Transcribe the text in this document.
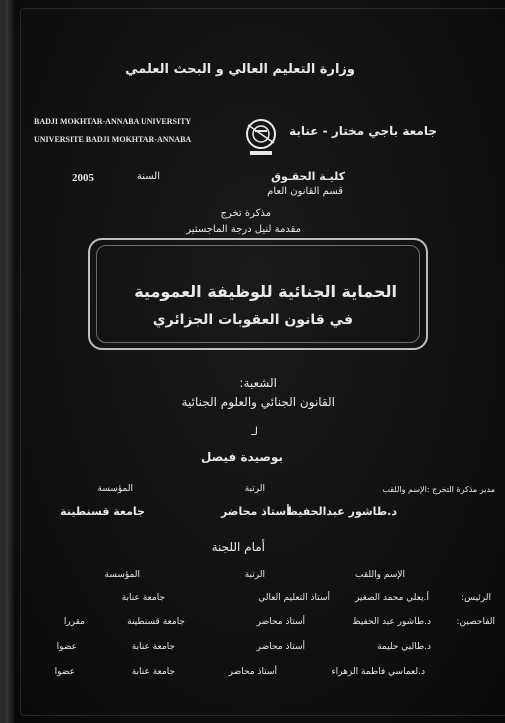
وزارة التعليم العالي و البحث العلمي
BADJI MOKHTAR-ANNABA UNIVERSITY
UNIVERSITE BADJI MOKHTAR-ANNABA
جامعة باجي مختار - عنابة
كليـة الحقـوق
قسم القانون العام
السنة
2005
مذكرة تخرج
مقدمة لنيل درجة الماجستير
الحماية الجنائية للوظيفة العمومية
في قانون العقوبات الجزائري
الشعبة:
القانون الجنائي والعلوم الجنائية
لـ
بوصيدة فيصل
مدير مذكرة التخرج :الإسم واللقب
الرتبة
المؤسسة
د.طاشور عبدالحفيظ
أستاذ محاضر
جامعة قسنطينة
أمام اللجنة
الإسم واللقب
الرتبة
المؤسسة
الرئيس:
أ.يعلي محمد الصغير
أستاذ التعليم العالي
جامعة عنابة
الفاحصين:
د.طاشور عبد الحفيظ
أستاذ محاضر
جامعة قسنطينة
مقررا
د.طالبي حليمة
أستاذ محاضر
جامعة عنابة
عضوا
د.لعماسي فاطمة الزهراء
أستاذ محاضر
جامعة عنابة
عضوا
